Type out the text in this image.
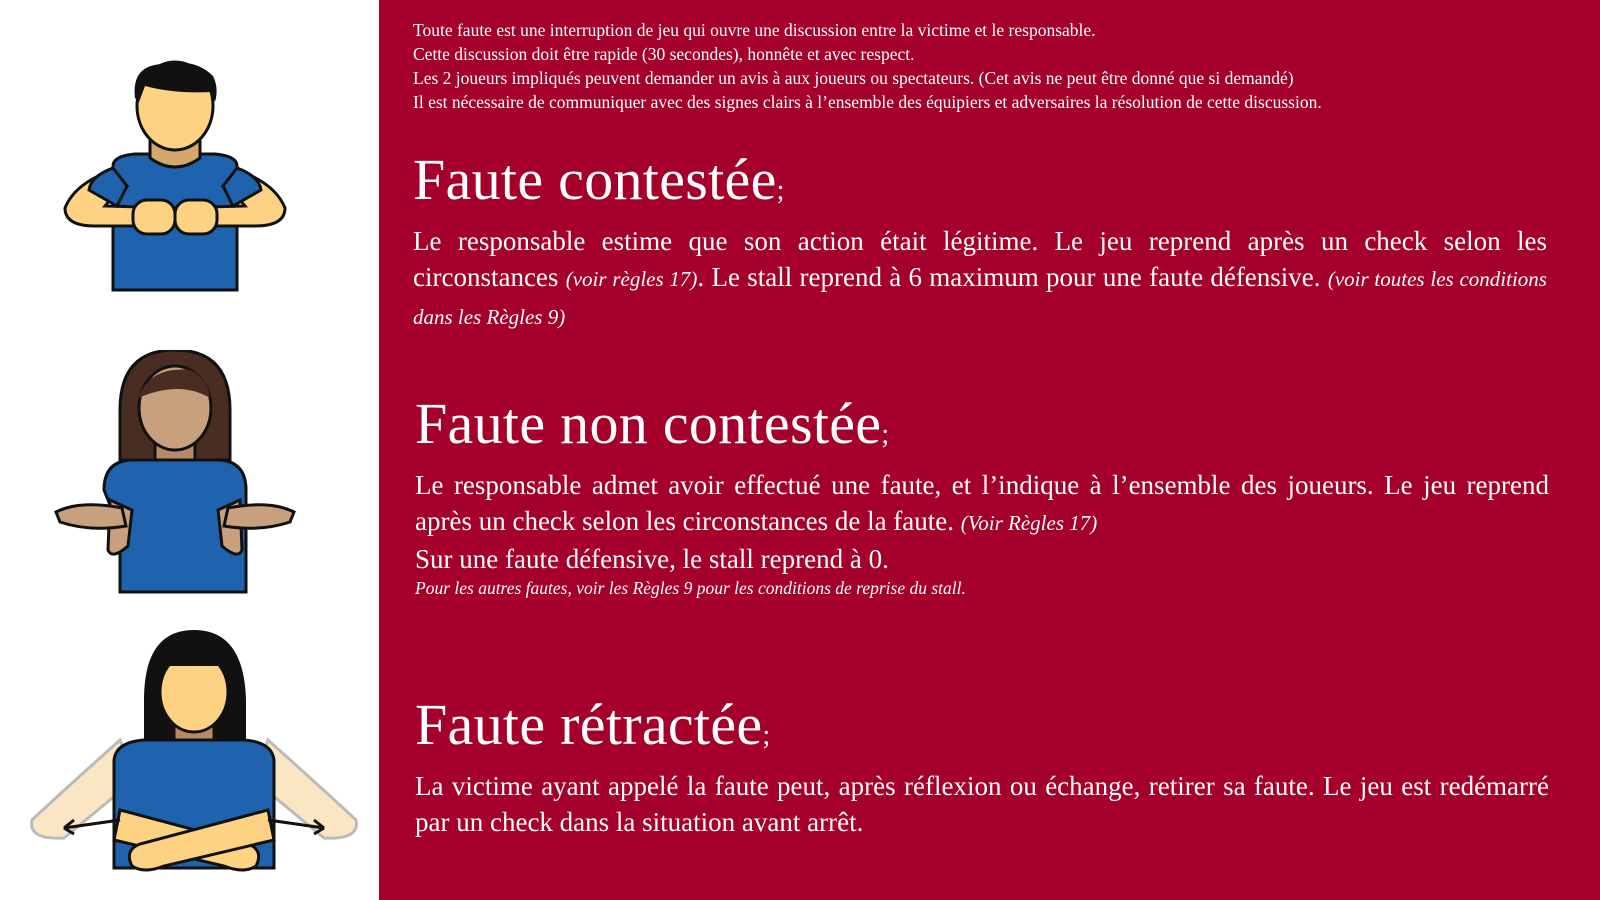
Toute faute est une interruption de jeu qui ouvre une discussion entre la victime et le responsable.

Cette discussion doit être rapide (30 secondes), honnête et avec respect.

Les 2 joueurs impliqués peuvent demander un avis à aux joueurs ou spectateurs. (Cet avis ne peut être donné que si demandé)

Il est nécessaire de communiquer avec des signes clairs à l’ensemble des équipiers et adversaires la résolution de cette discussion.

Faute contestée;
Le responsable estime que son action était légitime. Le jeu reprend après un check selon les circonstances (voir règles 17). Le stall reprend à 6 maximum pour une faute défensive. (voir toutes les conditions dans les Règles 9)
Faute non contestée;
Le responsable admet avoir effectué une faute, et l’indique à l’ensemble des joueurs. Le jeu reprend après un check selon les circonstances de la faute. (Voir Règles 17)
Sur une faute défensive, le stall reprend à 0.
Pour les autres fautes, voir les Règles 9 pour les conditions de reprise du stall.
Faute rétractée;
La victime ayant appelé la faute peut, après réflexion ou échange, retirer sa faute. Le jeu est redémarré par un check dans la situation avant arrêt.
